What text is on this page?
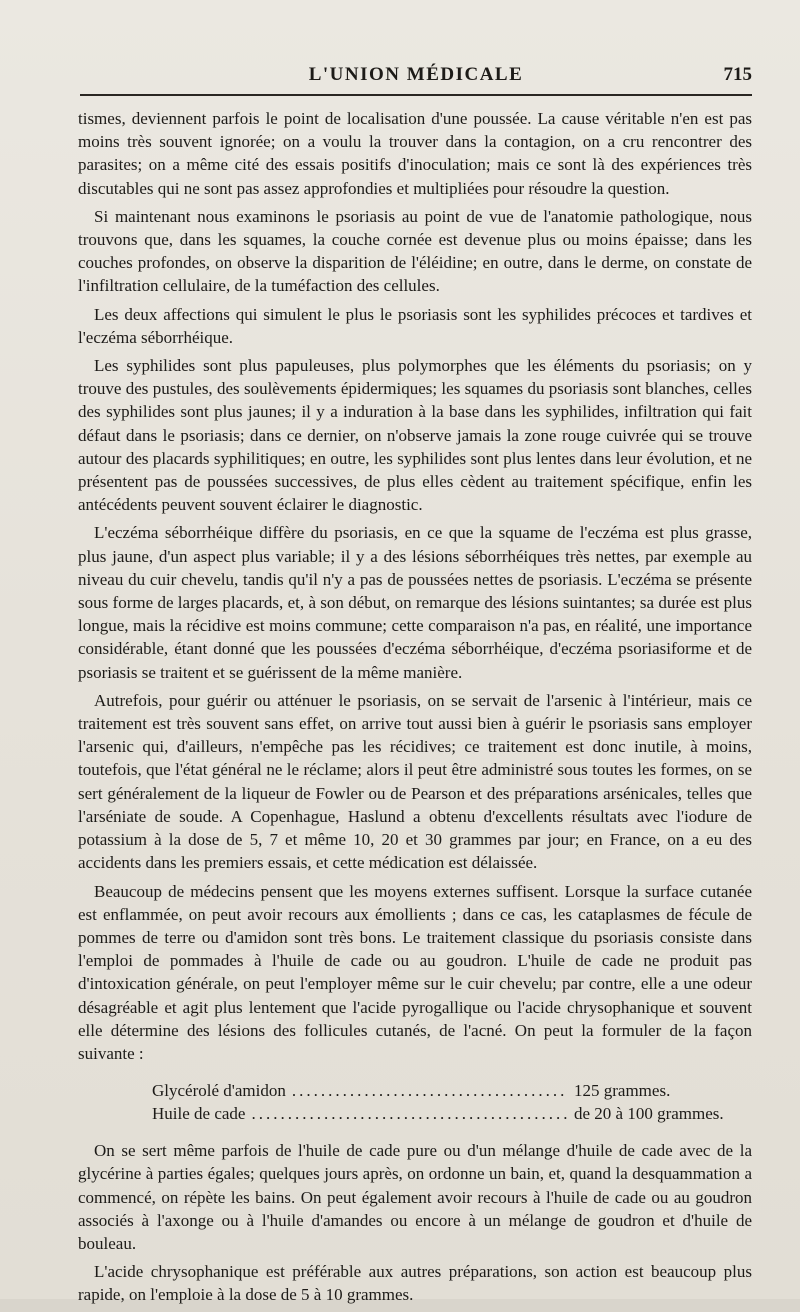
L'UNION MÉDICALE	715

tismes, deviennent parfois le point de localisation d'une poussée. La cause véritable n'en est pas moins très souvent ignorée; on a voulu la trouver dans la contagion, on a cru rencontrer des parasites; on a même cité des essais positifs d'inoculation; mais ce sont là des expériences très discutables qui ne sont pas assez approfondies et multipliées pour résoudre la question.

Si maintenant nous examinons le psoriasis au point de vue de l'anatomie pathologique, nous trouvons que, dans les squames, la couche cornée est devenue plus ou moins épaisse; dans les couches profondes, on observe la disparition de l'éléidine; en outre, dans le derme, on constate de l'infiltration cellulaire, de la tuméfaction des cellules.

Les deux affections qui simulent le plus le psoriasis sont les syphilides précoces et tardives et l'eczéma séborrhéique.

Les syphilides sont plus papuleuses, plus polymorphes que les éléments du psoriasis; on y trouve des pustules, des soulèvements épidermiques; les squames du psoriasis sont blanches, celles des syphilides sont plus jaunes; il y a induration à la base dans les syphilides, infiltration qui fait défaut dans le psoriasis; dans ce dernier, on n'observe jamais la zone rouge cuivrée qui se trouve autour des placards syphilitiques; en outre, les syphilides sont plus lentes dans leur évolution, et ne présentent pas de poussées successives, de plus elles cèdent au traitement spécifique, enfin les antécédents peuvent souvent éclairer le diagnostic.

L'eczéma séborrhéique diffère du psoriasis, en ce que la squame de l'eczéma est plus grasse, plus jaune, d'un aspect plus variable; il y a des lésions séborrhéiques très nettes, par exemple au niveau du cuir chevelu, tandis qu'il n'y a pas de poussées nettes de psoriasis. L'eczéma se présente sous forme de larges placards, et, à son début, on remarque des lésions suintantes; sa durée est plus longue, mais la récidive est moins commune; cette comparaison n'a pas, en réalité, une importance considérable, étant donné que les poussées d'eczéma séborrhéique, d'eczéma psoriasiforme et de psoriasis se traitent et se guérissent de la même manière.

Autrefois, pour guérir ou atténuer le psoriasis, on se servait de l'arsenic à l'intérieur, mais ce traitement est très souvent sans effet, on arrive tout aussi bien à guérir le psoriasis sans employer l'arsenic qui, d'ailleurs, n'empêche pas les récidives; ce traitement est donc inutile, à moins, toutefois, que l'état général ne le réclame; alors il peut être administré sous toutes les formes, on se sert généralement de la liqueur de Fowler ou de Pearson et des préparations arsénicales, telles que l'arséniate de soude. A Copenhague, Haslund a obtenu d'excellents résultats avec l'iodure de potassium à la dose de 5, 7 et même 10, 20 et 30 grammes par jour; en France, on a eu des accidents dans les premiers essais, et cette médication est délaissée.

Beaucoup de médecins pensent que les moyens externes suffisent. Lorsque la surface cutanée est enflammée, on peut avoir recours aux émollients ; dans ce cas, les cataplasmes de fécule de pommes de terre ou d'amidon sont très bons. Le traitement classique du psoriasis consiste dans l'emploi de pommades à l'huile de cade ou au goudron. L'huile de cade ne produit pas d'intoxication générale, on peut l'employer même sur le cuir chevelu; par contre, elle a une odeur désagréable et agit plus lentement que l'acide pyrogallique ou l'acide chrysophanique et souvent elle détermine des lésions des follicules cutanés, de l'acné. On peut la formuler de la façon suivante :

Glycérolé d'amidon .....	125 grammes.
Huile de cade .....	de 20 à 100 grammes.

On se sert même parfois de l'huile de cade pure ou d'un mélange d'huile de cade avec de la glycérine à parties égales; quelques jours après, on ordonne un bain, et, quand la desquammation a commencé, on répète les bains. On peut également avoir recours à l'huile de cade ou au goudron associés à l'axonge ou à l'huile d'amandes ou encore à un mélange de goudron et d'huile de bouleau.

L'acide chrysophanique est préférable aux autres préparations, son action est beaucoup plus rapide, on l'emploie à la dose de 5 à 10 grammes.
